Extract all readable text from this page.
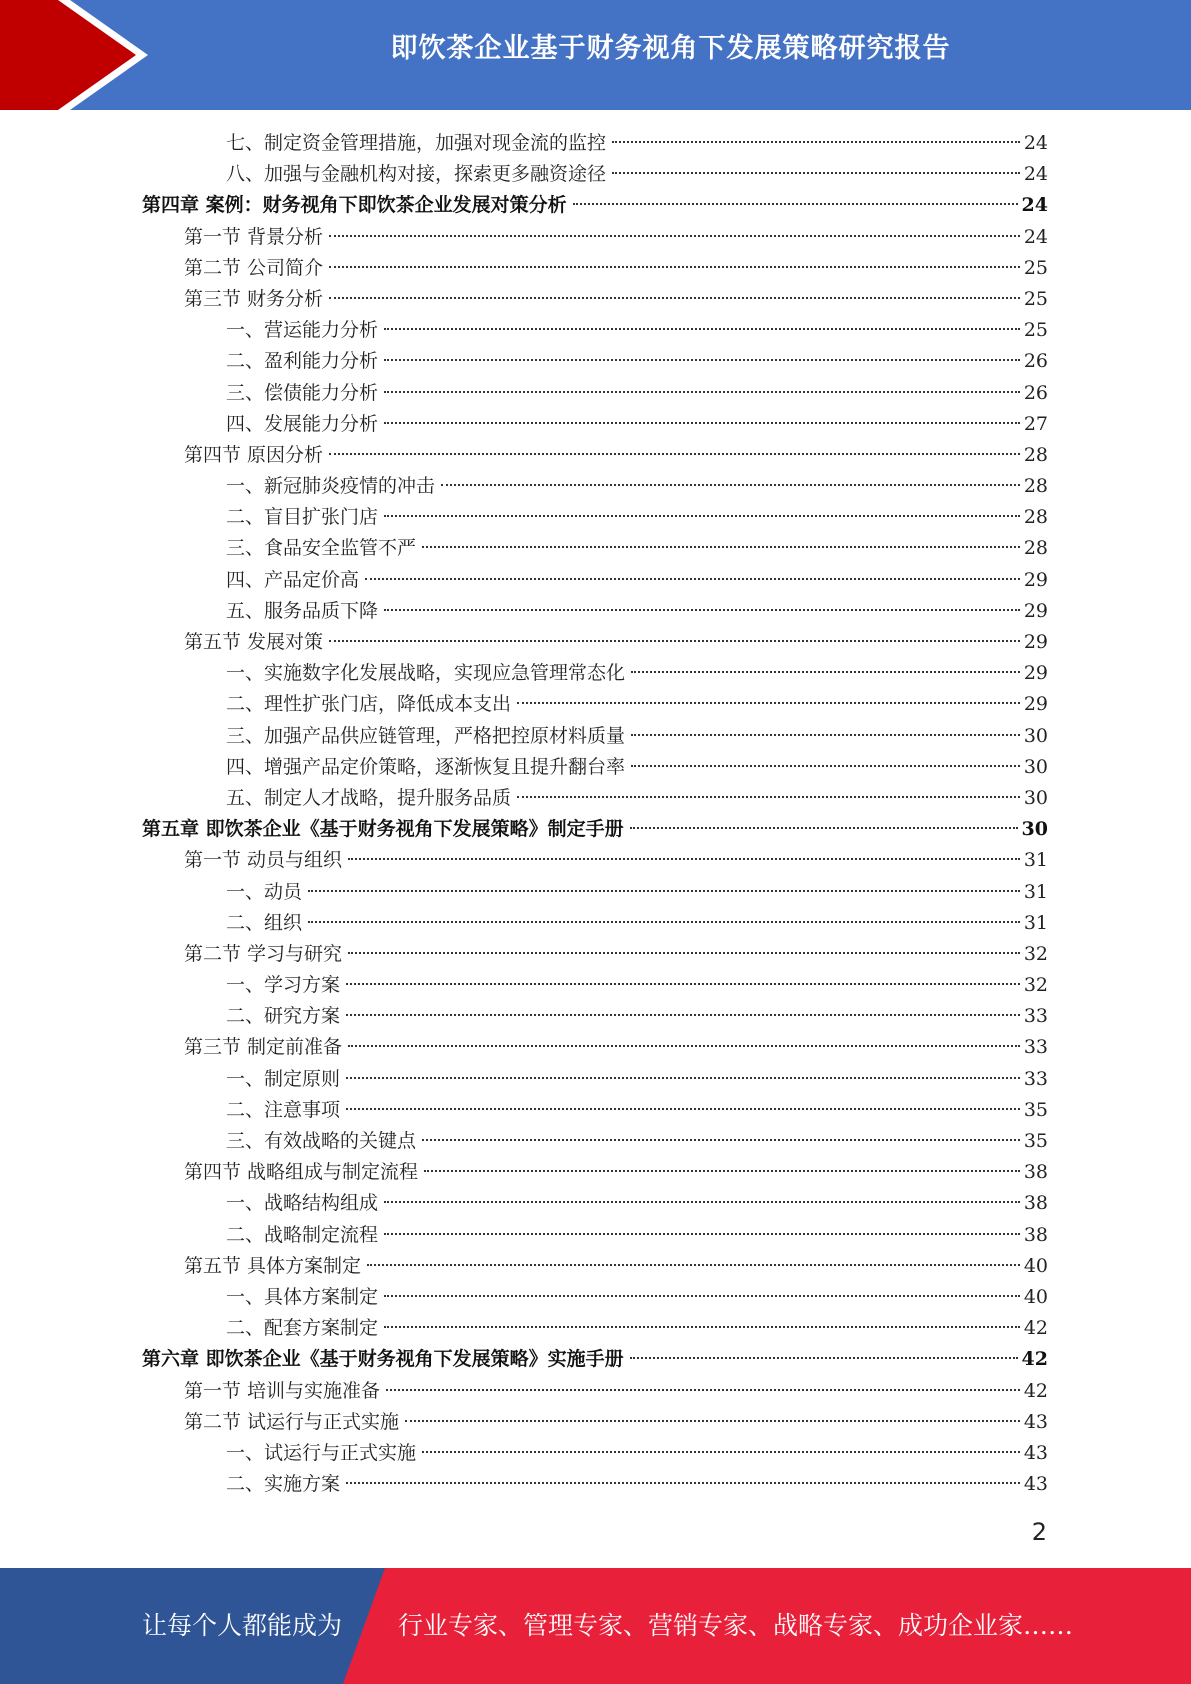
即饮茶企业基于财务视角下发展策略研究报告
七、制定资金管理措施，加强对现金流的监控	24
八、加强与金融机构对接，探索更多融资途径	24
第四章 案例：财务视角下即饮茶企业发展对策分析	24
第一节 背景分析	24
第二节 公司简介	25
第三节 财务分析	25
一、营运能力分析	25
二、盈利能力分析	26
三、偿债能力分析	26
四、发展能力分析	27
第四节 原因分析	28
一、新冠肺炎疫情的冲击	28
二、盲目扩张门店	28
三、食品安全监管不严	28
四、产品定价高	29
五、服务品质下降	29
第五节 发展对策	29
一、实施数字化发展战略，实现应急管理常态化	29
二、理性扩张门店，降低成本支出	29
三、加强产品供应链管理，严格把控原材料质量	30
四、增强产品定价策略，逐渐恢复且提升翻台率	30
五、制定人才战略，提升服务品质	30
第五章 即饮茶企业《基于财务视角下发展策略》制定手册	30
第一节 动员与组织	31
一、动员	31
二、组织	31
第二节 学习与研究	32
一、学习方案	32
二、研究方案	33
第三节 制定前准备	33
一、制定原则	33
二、注意事项	35
三、有效战略的关键点	35
第四节 战略组成与制定流程	38
一、战略结构组成	38
二、战略制定流程	38
第五节 具体方案制定	40
一、具体方案制定	40
二、配套方案制定	42
第六章 即饮茶企业《基于财务视角下发展策略》实施手册	42
第一节 培训与实施准备	42
第二节 试运行与正式实施	43
一、试运行与正式实施	43
二、实施方案	43
2
让每个人都能成为 行业专家、管理专家、营销专家、战略专家、成功企业家……
